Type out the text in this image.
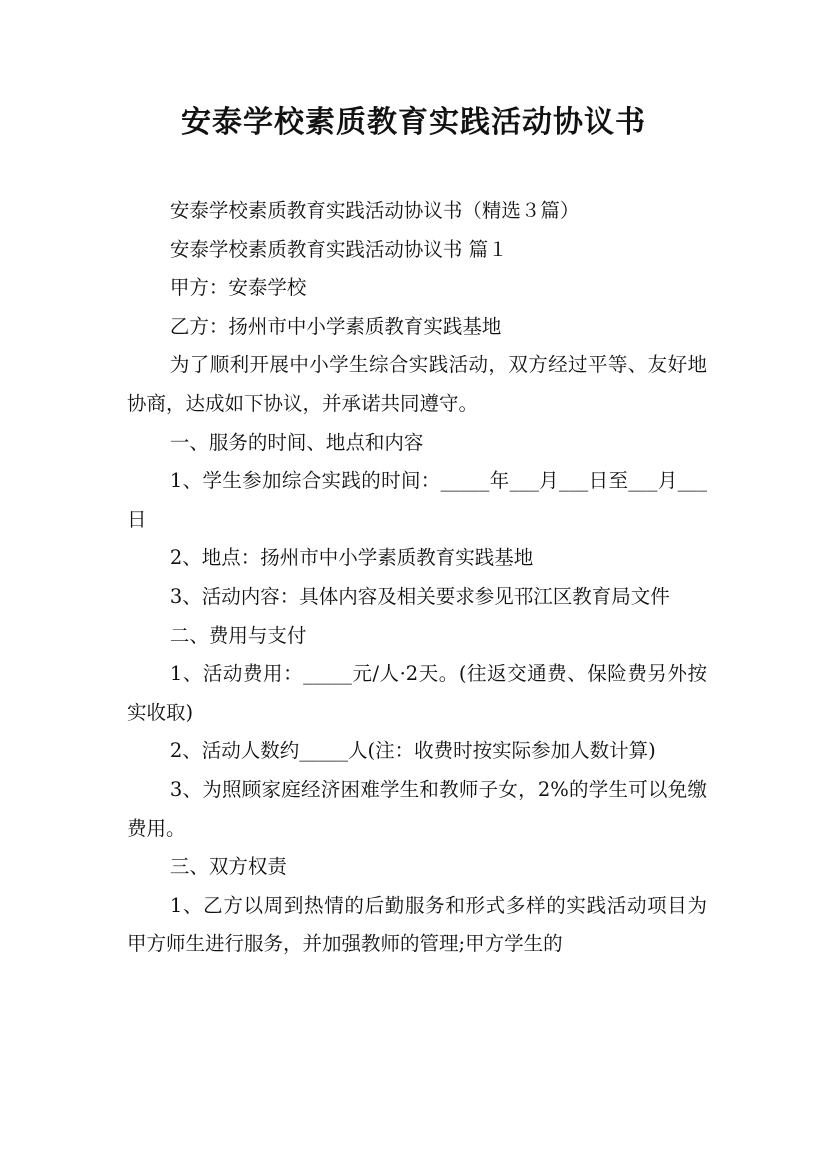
安泰学校素质教育实践活动协议书

安泰学校素质教育实践活动协议书（精选３篇）

安泰学校素质教育实践活动协议书 篇１

甲方：安泰学校

乙方：扬州市中小学素质教育实践基地

为了顺利开展中小学生综合实践活动，双方经过平等、友好地协商，达成如下协议，并承诺共同遵守。

一、服务的时间、地点和内容

1、学生参加综合实践的时间：_____年___月___日至___月___日

2、地点：扬州市中小学素质教育实践基地

3、活动内容：具体内容及相关要求参见邗江区教育局文件

二、费用与支付

1、活动费用：_____元/人·2天。(往返交通费、保险费另外按实收取)

2、活动人数约_____人(注：收费时按实际参加人数计算)

3、为照顾家庭经济困难学生和教师子女，2%的学生可以免缴费用。

三、双方权责

1、乙方以周到热情的后勤服务和形式多样的实践活动项目为甲方师生进行服务，并加强教师的管理;甲方学生的
